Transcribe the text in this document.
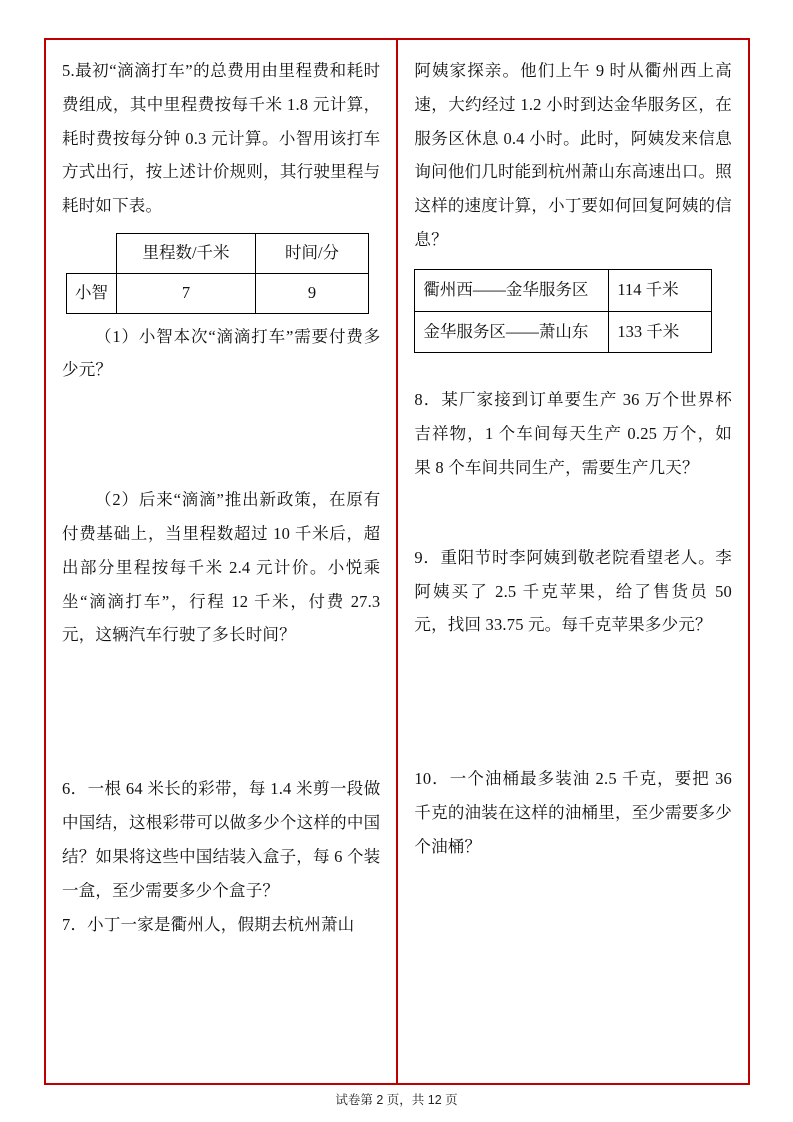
5.最初“滴滴打车”的总费用由里程费和耗时费组成，其中里程费按每千米 1.8 元计算，耗时费按每分钟 0.3 元计算。小智用该打车方式出行，按上述计价规则，其行驶里程与耗时如下表。

	里程数/千米	时间/分
小智	7	9

（1）小智本次“滴滴打车”需要付费多少元？

（2）后来“滴滴”推出新政策，在原有付费基础上，当里程数超过 10 千米后，超出部分里程按每千米 2.4 元计价。小悦乘坐“滴滴打车”，行程 12 千米，付费 27.3 元，这辆汽车行驶了多长时间？

6．一根 64 米长的彩带，每 1.4 米剪一段做中国结，这根彩带可以做多少个这样的中国结？如果将这些中国结装入盒子，每 6 个装一盒，至少需要多少个盒子？

7．小丁一家是衢州人，假期去杭州萧山

阿姨家探亲。他们上午 9 时从衢州西上高速，大约经过 1.2 小时到达金华服务区，在服务区休息 0.4 小时。此时，阿姨发来信息询问他们几时能到杭州萧山东高速出口。照这样的速度计算，小丁要如何回复阿姨的信息？

衢州西——金华服务区	114 千米
金华服务区——萧山东	133 千米

8．某厂家接到订单要生产 36 万个世界杯吉祥物，1 个车间每天生产 0.25 万个，如果 8 个车间共同生产，需要生产几天？

9．重阳节时李阿姨到敬老院看望老人。李阿姨买了 2.5 千克苹果，给了售货员 50 元，找回 33.75 元。每千克苹果多少元？

10．一个油桶最多装油 2.5 千克，要把 36 千克的油装在这样的油桶里，至少需要多少个油桶？

试卷第 2 页，共 12 页
